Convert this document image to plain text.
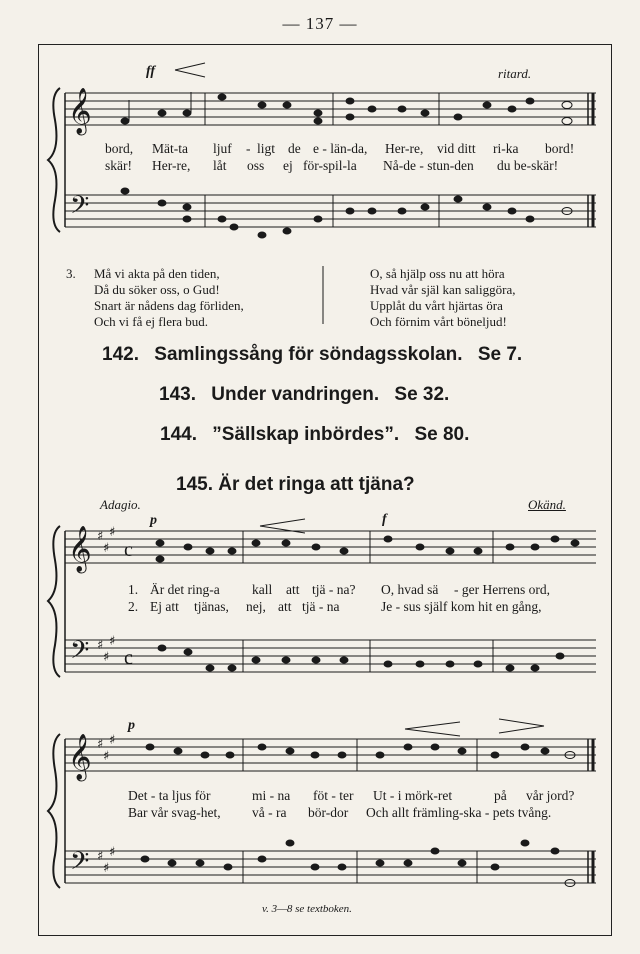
— 137 —
𝄞
𝄢
𝄞
𝄢
𝄞
𝄢
♯
♯
♯
♯
♯
♯
♯
♯
♯
♯
♯
♯
c
c
ff	ritard.
bord, Mät-ta ljuf - ligt de e - län-da, Her-re, vid ditt ri-ka bord!
skär! Her-re, låt oss ej för-spil-la Nå-de - stun-den du be-skär!
3. Må vi akta på den tiden,
Då du söker oss, o Gud!
Snart är nådens dag förliden,
Och vi få ej flera bud.
O, så hjälp oss nu att höra
Hvad vår själ kan saliggöra,
Upplåt du vårt hjärtas öra
Och förnim vårt böneljud!
142. Samlingssång för söndagsskolan. Se 7.
143. Under vandringen. Se 32.
144. ”Sällskap inbördes”. Se 80.
145. Är det ringa att tjäna?
Adagio.	Okänd.
p	f
p
1. Är det ring-a kall att tjä - na? O, hvad sä - ger Herrens ord,
2. Ej att tjänas, nej, att tjä - na	Je - sus själf kom hit en gång,
Det - ta ljus för	mi - na föt - ter Ut - i mörk-ret	på vår jord?
Bar vår svag-het, vå - ra bör-dor Och allt främling-ska - pets tvång.
v. 3—8 se textboken.
